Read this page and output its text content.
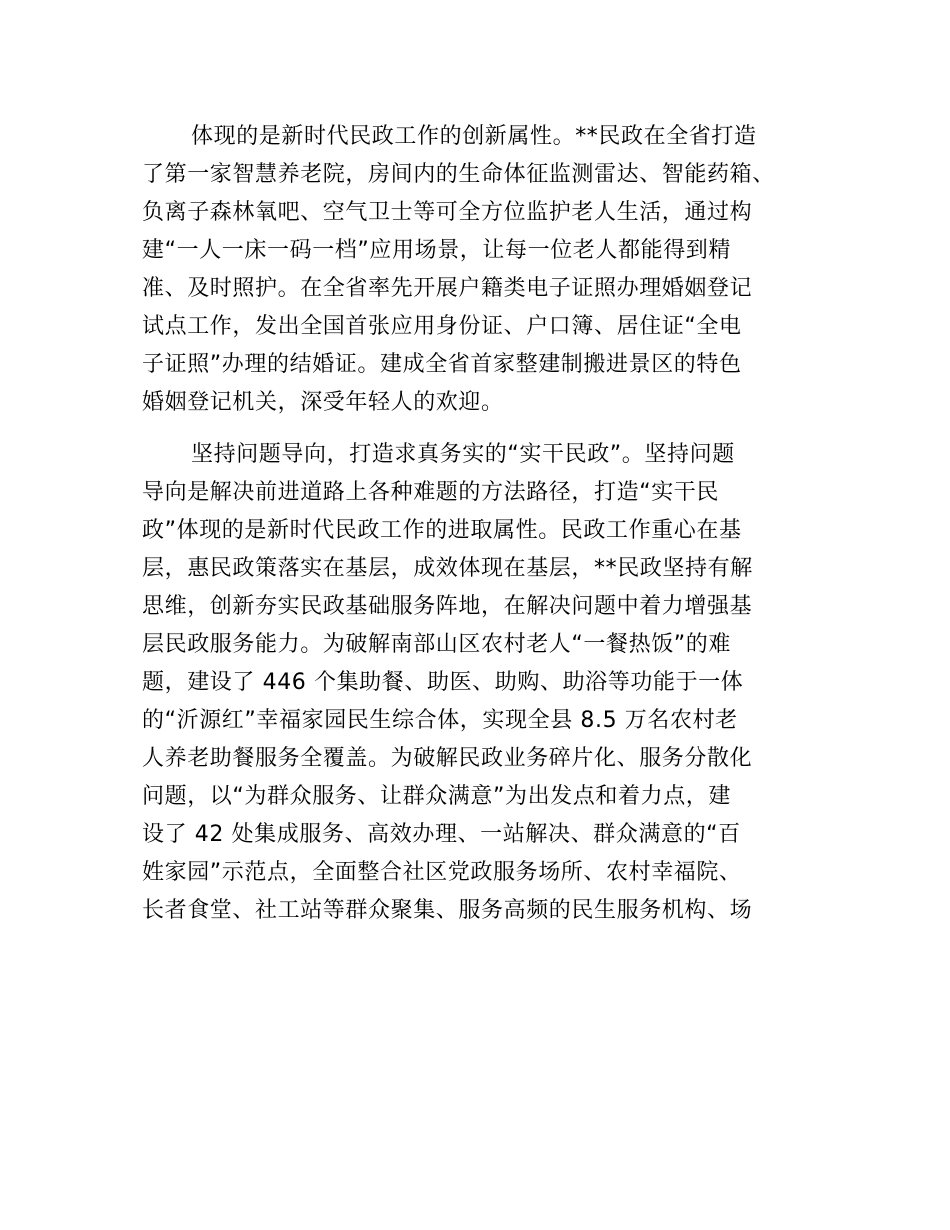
体现的是新时代民政工作的创新属性。**民政在全省打造
了第一家智慧养老院，房间内的生命体征监测雷达、智能药箱、
负离子森林氧吧、空气卫士等可全方位监护老人生活，通过构
建“一人一床一码一档”应用场景，让每一位老人都能得到精
准、及时照护。在全省率先开展户籍类电子证照办理婚姻登记
试点工作，发出全国首张应用身份证、户口簿、居住证“全电
子证照”办理的结婚证。建成全省首家整建制搬进景区的特色
婚姻登记机关，深受年轻人的欢迎。

坚持问题导向，打造求真务实的“实干民政”。坚持问题
导向是解决前进道路上各种难题的方法路径，打造“实干民
政”体现的是新时代民政工作的进取属性。民政工作重心在基
层，惠民政策落实在基层，成效体现在基层，**民政坚持有解
思维，创新夯实民政基础服务阵地，在解决问题中着力增强基
层民政服务能力。为破解南部山区农村老人“一餐热饭”的难
题，建设了 446 个集助餐、助医、助购、助浴等功能于一体
的“沂源红”幸福家园民生综合体，实现全县 8.5 万名农村老
人养老助餐服务全覆盖。为破解民政业务碎片化、服务分散化
问题，以“为群众服务、让群众满意”为出发点和着力点，建
设了 42 处集成服务、高效办理、一站解决、群众满意的“百
姓家园”示范点，全面整合社区党政服务场所、农村幸福院、
长者食堂、社工站等群众聚集、服务高频的民生服务机构、场
